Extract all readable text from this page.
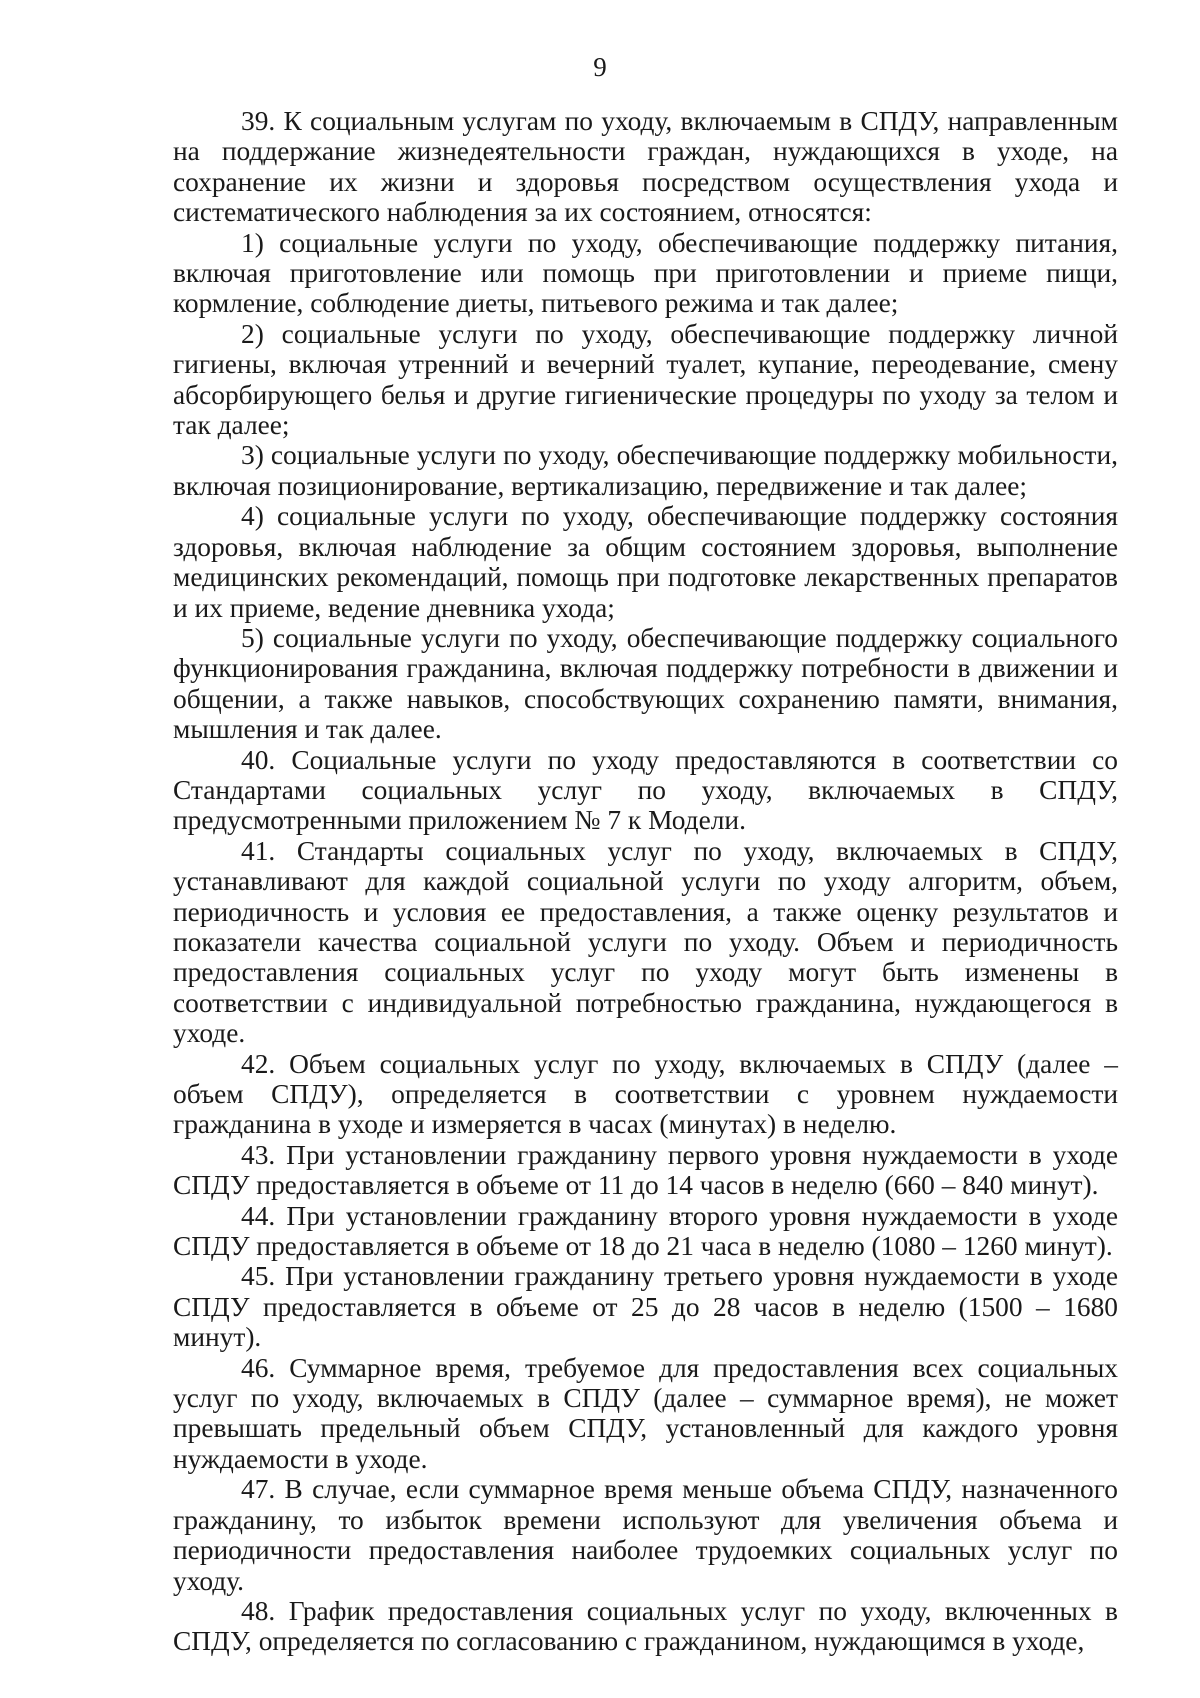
9

39. К социальным услугам по уходу, включаемым в СПДУ, направленным на поддержание жизнедеятельности граждан, нуждающихся в уходе, на сохранение их жизни и здоровья посредством осуществления ухода и систематического наблюдения за их состоянием, относятся:

1) социальные услуги по уходу, обеспечивающие поддержку питания, включая приготовление или помощь при приготовлении и приеме пищи, кормление, соблюдение диеты, питьевого режима и так далее;

2) социальные услуги по уходу, обеспечивающие поддержку личной гигиены, включая утренний и вечерний туалет, купание, переодевание, смену абсорбирующего белья и другие гигиенические процедуры по уходу за телом и так далее;

3) социальные услуги по уходу, обеспечивающие поддержку мобильности, включая позиционирование, вертикализацию, передвижение и так далее;

4) социальные услуги по уходу, обеспечивающие поддержку состояния здоровья, включая наблюдение за общим состоянием здоровья, выполнение медицинских рекомендаций, помощь при подготовке лекарственных препаратов и их приеме, ведение дневника ухода;

5) социальные услуги по уходу, обеспечивающие поддержку социального функционирования гражданина, включая поддержку потребности в движении и общении, а также навыков, способствующих сохранению памяти, внимания, мышления и так далее.

40. Социальные услуги по уходу предоставляются в соответствии со Стандартами социальных услуг по уходу, включаемых в СПДУ, предусмотренными приложением № 7 к Модели.

41. Стандарты социальных услуг по уходу, включаемых в СПДУ, устанавливают для каждой социальной услуги по уходу алгоритм, объем, периодичность и условия ее предоставления, а также оценку результатов и показатели качества социальной услуги по уходу. Объем и периодичность предоставления социальных услуг по уходу могут быть изменены в соответствии с индивидуальной потребностью гражданина, нуждающегося в уходе.

42. Объем социальных услуг по уходу, включаемых в СПДУ (далее – объем СПДУ), определяется в соответствии с уровнем нуждаемости гражданина в уходе и измеряется в часах (минутах) в неделю.

43. При установлении гражданину первого уровня нуждаемости в уходе СПДУ предоставляется в объеме от 11 до 14 часов в неделю (660 – 840 минут).

44. При установлении гражданину второго уровня нуждаемости в уходе СПДУ предоставляется в объеме от 18 до 21 часа в неделю (1080 – 1260 минут).

45. При установлении гражданину третьего уровня нуждаемости в уходе СПДУ предоставляется в объеме от 25 до 28 часов в неделю (1500 – 1680 минут).

46. Суммарное время, требуемое для предоставления всех социальных услуг по уходу, включаемых в СПДУ (далее – суммарное время), не может превышать предельный объем СПДУ, установленный для каждого уровня нуждаемости в уходе.

47. В случае, если суммарное время меньше объема СПДУ, назначенного гражданину, то избыток времени используют для увеличения объема и периодичности предоставления наиболее трудоемких социальных услуг по уходу.

48. График предоставления социальных услуг по уходу, включенных в СПДУ, определяется по согласованию с гражданином, нуждающимся в уходе,
